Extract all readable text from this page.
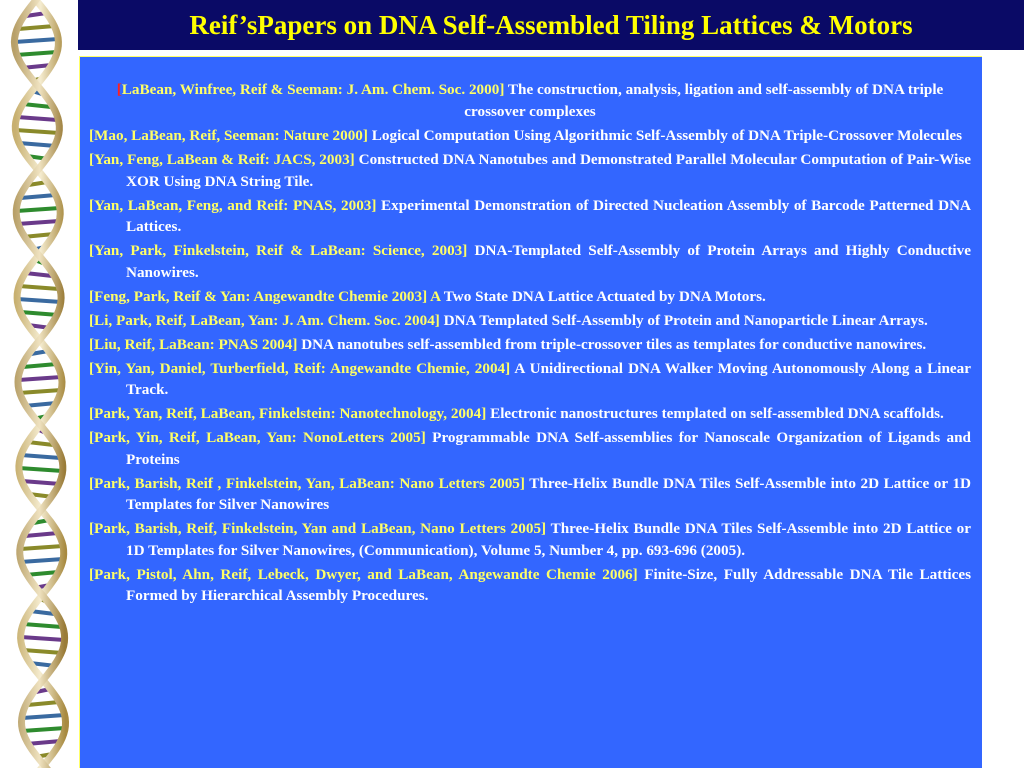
Reif’sPapers on DNA Self-Assembled Tiling Lattices & Motors

[LaBean, Winfree, Reif & Seeman: J. Am. Chem. Soc. 2000] The construction, analysis, ligation and self-assembly of DNA triple crossover complexes

[Mao, LaBean, Reif, Seeman: Nature 2000] Logical Computation Using Algorithmic Self-Assembly of DNA Triple-Crossover Molecules

[Yan, Feng, LaBean & Reif: JACS, 2003] Constructed DNA Nanotubes and Demonstrated Parallel Molecular Computation of Pair-Wise XOR Using DNA String Tile.

[Yan, LaBean, Feng, and Reif: PNAS, 2003] Experimental Demonstration of Directed Nucleation Assembly of Barcode Patterned DNA Lattices.

[Yan, Park, Finkelstein, Reif & LaBean: Science, 2003] DNA-Templated Self-Assembly of Protein Arrays and Highly Conductive Nanowires.

[Feng, Park, Reif & Yan: Angewandte Chemie 2003] A Two State DNA Lattice Actuated by DNA Motors.

[Li, Park, Reif, LaBean, Yan: J. Am. Chem. Soc. 2004] DNA Templated Self-Assembly of Protein and Nanoparticle Linear Arrays.

[Liu, Reif, LaBean: PNAS 2004] DNA nanotubes self-assembled from triple-crossover tiles as templates for conductive nanowires.

[Yin, Yan, Daniel, Turberfield, Reif: Angewandte Chemie, 2004] A Unidirectional DNA Walker Moving Autonomously Along a Linear Track.

[Park, Yan, Reif, LaBean, Finkelstein: Nanotechnology, 2004] Electronic nanostructures templated on self-assembled DNA scaffolds.

[Park, Yin, Reif, LaBean, Yan: NonoLetters 2005] Programmable DNA Self-assemblies for Nanoscale Organization of Ligands and Proteins

[Park, Barish, Reif , Finkelstein, Yan, LaBean: Nano Letters 2005] Three-Helix Bundle DNA Tiles Self-Assemble into 2D Lattice or 1D Templates for Silver Nanowires

[Park, Barish, Reif, Finkelstein, Yan and LaBean, Nano Letters 2005] Three-Helix Bundle DNA Tiles Self-Assemble into 2D Lattice or 1D Templates for Silver Nanowires, (Communication), Volume 5, Number 4, pp. 693-696 (2005).

[Park, Pistol, Ahn, Reif, Lebeck, Dwyer, and LaBean, Angewandte Chemie 2006] Finite-Size, Fully Addressable DNA Tile Lattices Formed by Hierarchical Assembly Procedures.
